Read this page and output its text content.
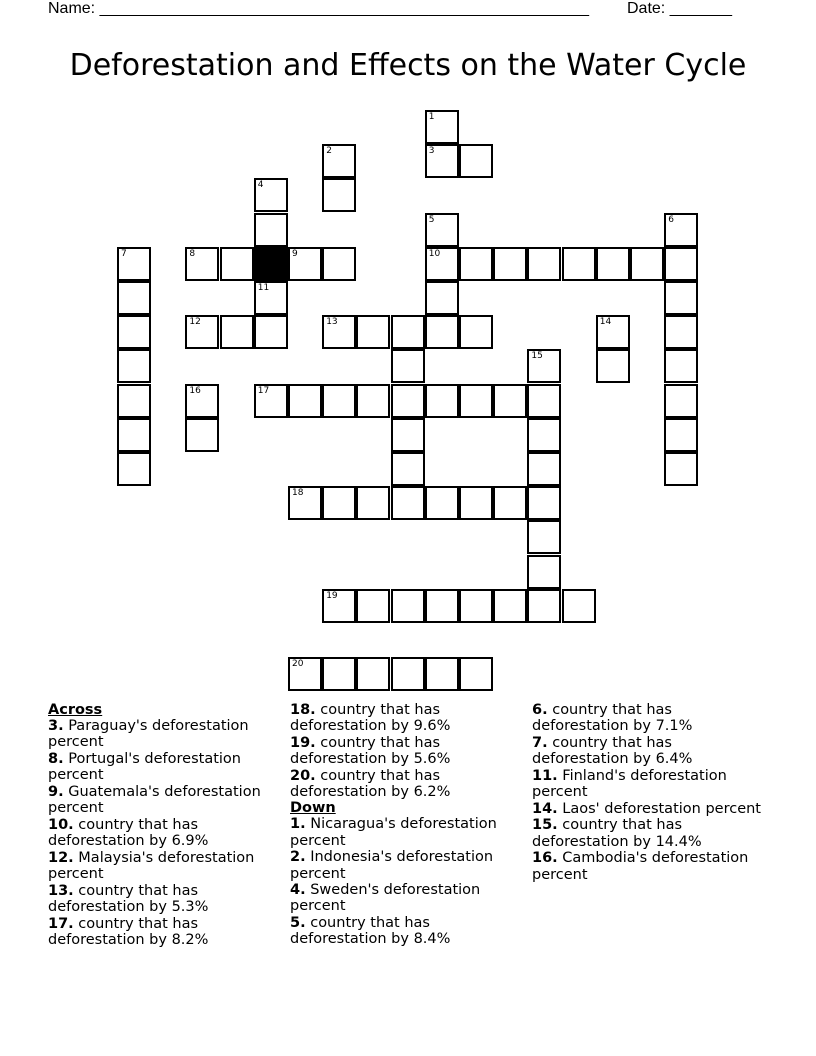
Name: _______________________________________________________ Date: _______
Deforestation and Effects on the Water Cycle
1
3
2
4
5	6
7	8	9	10
11
12	13	14
15
16	17
18
19
20
Across
3. Paraguay's deforestation percent
8. Portugal's deforestation percent
9. Guatemala's deforestation percent
10. country that has deforestation by 6.9%
12. Malaysia's deforestation percent
13. country that has deforestation by 5.3%
17. country that has deforestation by 8.2%
18. country that has deforestation by 9.6%
19. country that has deforestation by 5.6%
20. country that has deforestation by 6.2%
Down
1. Nicaragua's deforestation percent
2. Indonesia's deforestation percent
4. Sweden's deforestation percent
5. country that has deforestation by 8.4%
6. country that has deforestation by 7.1%
7. country that has deforestation by 6.4%
11. Finland's deforestation percent
14. Laos' deforestation percent
15. country that has deforestation by 14.4%
16. Cambodia's deforestation percent
